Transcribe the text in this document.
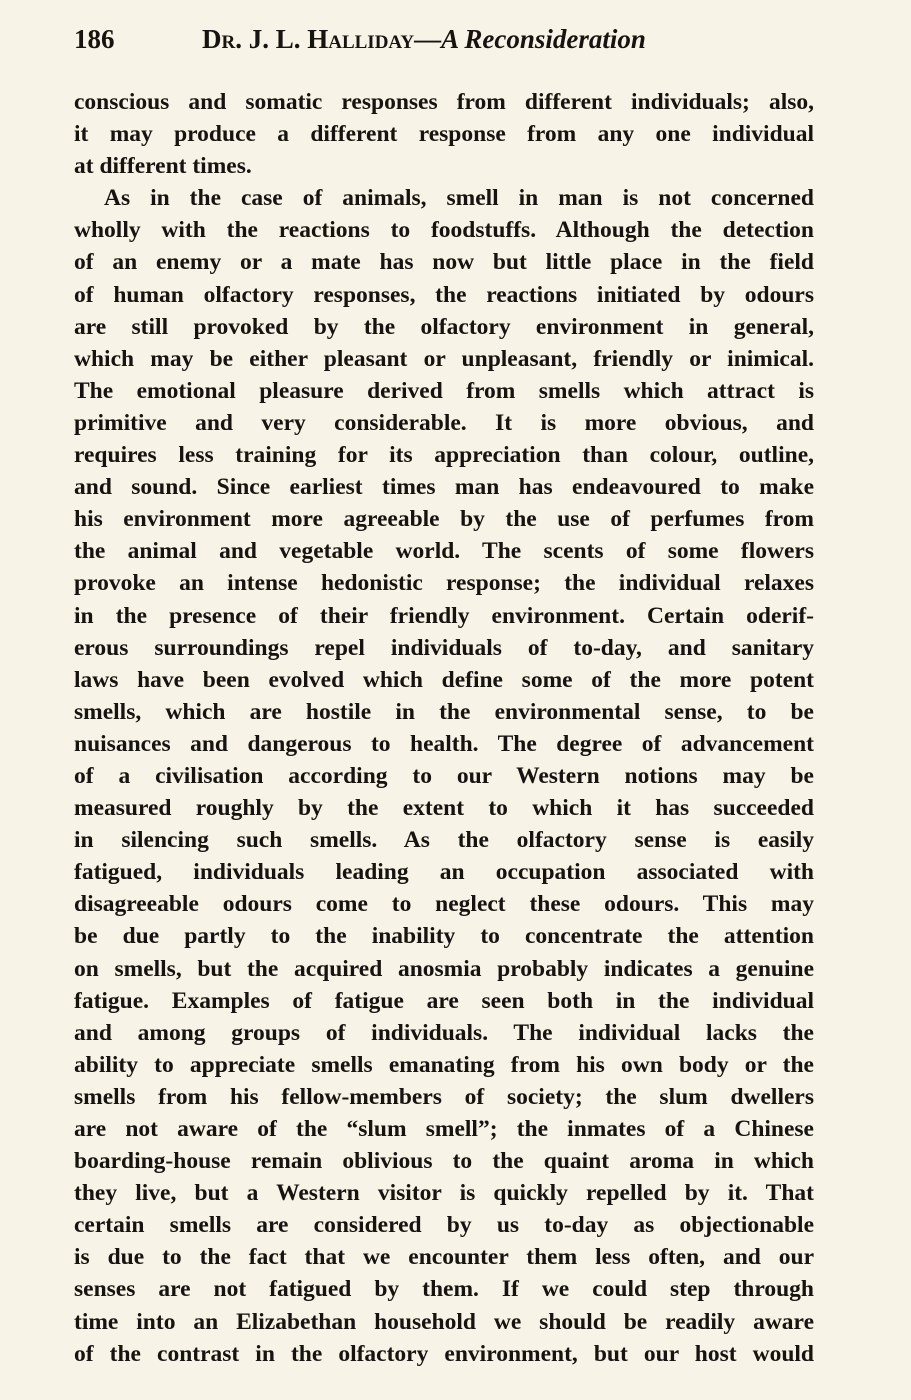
186	Dr. J. L. Halliday—A Reconsideration
conscious and somatic responses from different individuals; also,
it may produce a different response from any one individual
at different times.
As in the case of animals, smell in man is not concerned
wholly with the reactions to foodstuffs. Although the detection
of an enemy or a mate has now but little place in the field
of human olfactory responses, the reactions initiated by odours
are still provoked by the olfactory environment in general,
which may be either pleasant or unpleasant, friendly or inimical.
The emotional pleasure derived from smells which attract is
primitive and very considerable. It is more obvious, and
requires less training for its appreciation than colour, outline,
and sound. Since earliest times man has endeavoured to make
his environment more agreeable by the use of perfumes from
the animal and vegetable world. The scents of some flowers
provoke an intense hedonistic response; the individual relaxes
in the presence of their friendly environment. Certain oderif-
erous surroundings repel individuals of to-day, and sanitary
laws have been evolved which define some of the more potent
smells, which are hostile in the environmental sense, to be
nuisances and dangerous to health. The degree of advancement
of a civilisation according to our Western notions may be
measured roughly by the extent to which it has succeeded
in silencing such smells. As the olfactory sense is easily
fatigued, individuals leading an occupation associated with
disagreeable odours come to neglect these odours. This may
be due partly to the inability to concentrate the attention
on smells, but the acquired anosmia probably indicates a genuine
fatigue. Examples of fatigue are seen both in the individual
and among groups of individuals. The individual lacks the
ability to appreciate smells emanating from his own body or the
smells from his fellow-members of society; the slum dwellers
are not aware of the “slum smell”; the inmates of a Chinese
boarding-house remain oblivious to the quaint aroma in which
they live, but a Western visitor is quickly repelled by it. That
certain smells are considered by us to-day as objectionable
is due to the fact that we encounter them less often, and our
senses are not fatigued by them. If we could step through
time into an Elizabethan household we should be readily aware
of the contrast in the olfactory environment, but our host would
